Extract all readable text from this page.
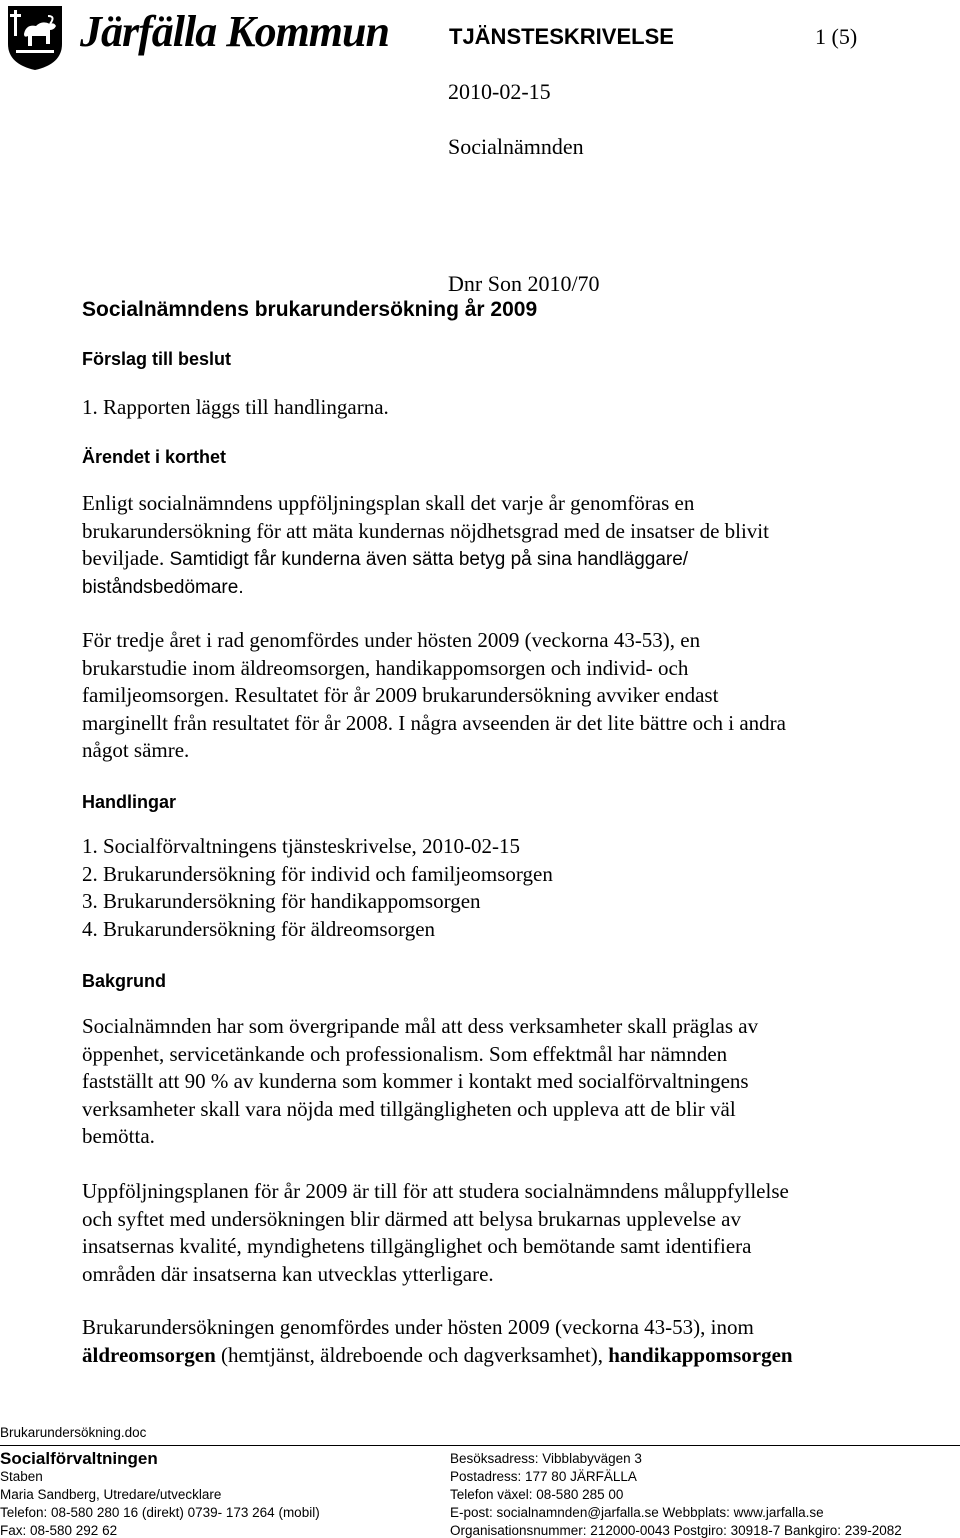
Järfälla Kommun	TJÄNSTESKRIVELSE	1 (5)
2010-02-15
Socialnämnden
Dnr Son 2010/70
Socialnämndens brukarundersökning år 2009
Förslag till beslut
1. Rapporten läggs till handlingarna.
Ärendet i korthet
Enligt socialnämndens uppföljningsplan skall det varje år genomföras en
brukarundersökning för att mäta kundernas nöjdhetsgrad med de insatser de blivit
beviljade. Samtidigt får kunderna även sätta betyg på sina handläggare/
biståndsbedömare.
För tredje året i rad genomfördes under hösten 2009 (veckorna 43-53), en
brukarstudie inom äldreomsorgen, handikappomsorgen och individ- och
familjeomsorgen. Resultatet för år 2009 brukarundersökning avviker endast
marginellt från resultatet för år 2008. I några avseenden är det lite bättre och i andra
något sämre.
Handlingar
1. Socialförvaltningens tjänsteskrivelse, 2010-02-15
2. Brukarundersökning för individ och familjeomsorgen
3. Brukarundersökning för handikappomsorgen
4. Brukarundersökning för äldreomsorgen
Bakgrund
Socialnämnden har som övergripande mål att dess verksamheter skall präglas av
öppenhet, servicetänkande och professionalism. Som effektmål har nämnden
fastställt att 90 % av kunderna som kommer i kontakt med socialförvaltningens
verksamheter skall vara nöjda med tillgängligheten och uppleva att de blir väl
bemötta.
Uppföljningsplanen för år 2009 är till för att studera socialnämndens måluppfyllelse
och syftet med undersökningen blir därmed att belysa brukarnas upplevelse av
insatsernas kvalité, myndighetens tillgänglighet och bemötande samt identifiera
områden där insatserna kan utvecklas ytterligare.
Brukarundersökningen genomfördes under hösten 2009 (veckorna 43-53), inom
äldreomsorgen (hemtjänst, äldreboende och dagverksamhet), handikappomsorgen
Brukarundersökning.doc
Socialförvaltningen
Staben
Maria Sandberg, Utredare/utvecklare
Telefon: 08-580 280 16 (direkt) 0739- 173 264 (mobil)
Fax: 08-580 292 62
Besöksadress: Vibblabyvägen 3
Postadress: 177 80 JÄRFÄLLA
Telefon växel: 08-580 285 00
E-post: socialnamnden@jarfalla.se Webbplats: www.jarfalla.se
Organisationsnummer: 212000-0043 Postgiro: 30918-7 Bankgiro: 239-2082
